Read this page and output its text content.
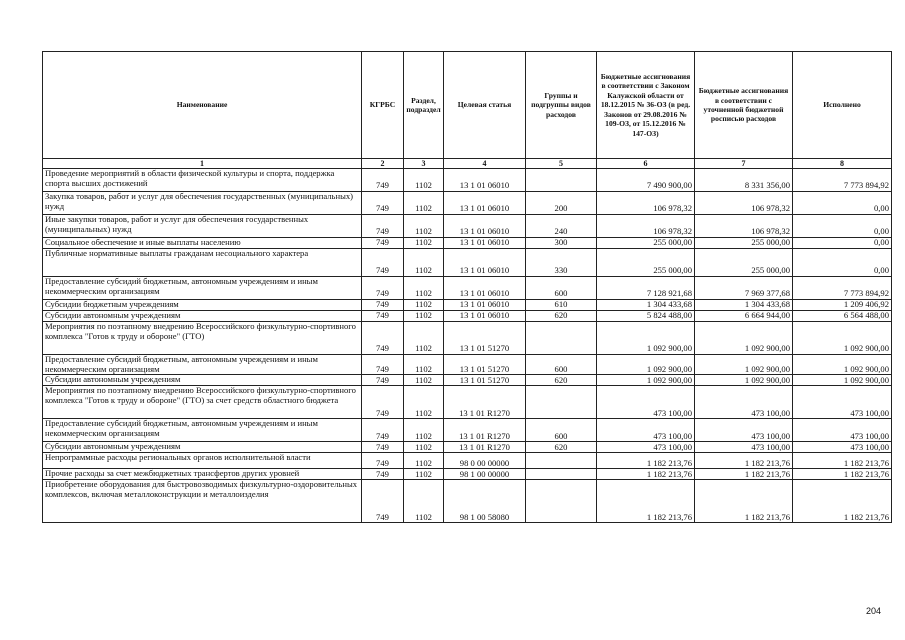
Наименование	КГРБС	Раздел, подраздел	Целевая статья	Группы и подгруппы видов расходов	Бюджетные ассигнования в соответствии с Законом Калужской области от 18.12.2015 № 36-ОЗ (в ред. Законов от 29.08.2016 № 109-ОЗ, от 15.12.2016 № 147-ОЗ)	Бюджетные ассигнования в соответствии с уточненной бюджетной росписью расходов	Исполнено
1	2	3	4	5	6	7	8
Проведение мероприятий в области физической культуры и спорта, поддержка спорта высших достижений	749	1102	13 1 01 06010		7 490 900,00	8 331 356,00	7 773 894,92
Закупка товаров, работ и услуг для обеспечения государственных (муниципальных) нужд	749	1102	13 1 01 06010	200	106 978,32	106 978,32	0,00
Иные закупки товаров, работ и услуг для обеспечения государственных (муниципальных) нужд	749	1102	13 1 01 06010	240	106 978,32	106 978,32	0,00
Социальное обеспечение и иные выплаты населению	749	1102	13 1 01 06010	300	255 000,00	255 000,00	0,00
Публичные нормативные выплаты гражданам несоциального характера	749	1102	13 1 01 06010	330	255 000,00	255 000,00	0,00
Предоставление субсидий бюджетным, автономным учреждениям и иным некоммерческим организациям	749	1102	13 1 01 06010	600	7 128 921,68	7 969 377,68	7 773 894,92
Субсидии бюджетным учреждениям	749	1102	13 1 01 06010	610	1 304 433,68	1 304 433,68	1 209 406,92
Субсидии автономным учреждениям	749	1102	13 1 01 06010	620	5 824 488,00	6 664 944,00	6 564 488,00
Мероприятия по поэтапному внедрению Всероссийского физкультурно-спортивного комплекса "Готов к труду и обороне" (ГТО)	749	1102	13 1 01 51270		1 092 900,00	1 092 900,00	1 092 900,00
Предоставление субсидий бюджетным, автономным учреждениям и иным некоммерческим организациям	749	1102	13 1 01 51270	600	1 092 900,00	1 092 900,00	1 092 900,00
Субсидии автономным учреждениям	749	1102	13 1 01 51270	620	1 092 900,00	1 092 900,00	1 092 900,00
Мероприятия по поэтапному внедрению Всероссийского физкультурно-спортивного комплекса "Готов к труду и обороне" (ГТО) за счет средств областного бюджета	749	1102	13 1 01 R1270		473 100,00	473 100,00	473 100,00
Предоставление субсидий бюджетным, автономным учреждениям и иным некоммерческим организациям	749	1102	13 1 01 R1270	600	473 100,00	473 100,00	473 100,00
Субсидии автономным учреждениям	749	1102	13 1 01 R1270	620	473 100,00	473 100,00	473 100,00
Непрограммные расходы региональных органов исполнительной власти	749	1102	98 0 00 00000		1 182 213,76	1 182 213,76	1 182 213,76
Прочие расходы за счет межбюджетных трансфертов других уровней	749	1102	98 1 00 00000		1 182 213,76	1 182 213,76	1 182 213,76
Приобретение оборудования для быстровозводимых физкультурно-оздоровительных комплексов, включая металлоконструкции и металлоизделия	749	1102	98 1 00 58080		1 182 213,76	1 182 213,76	1 182 213,76
204
